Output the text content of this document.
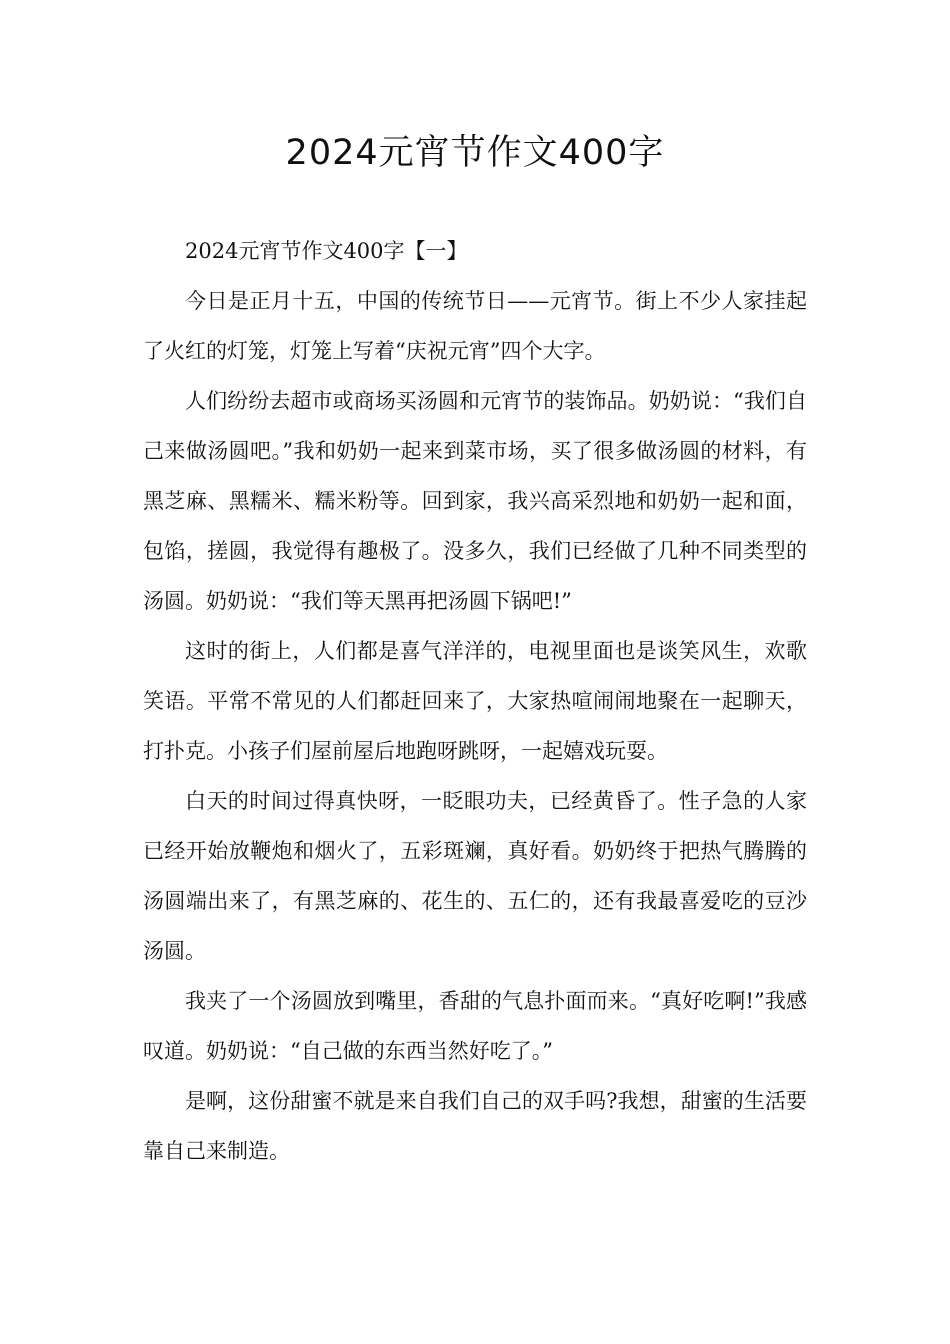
2024元宵节作文400字

2024元宵节作文400字【一】

今日是正月十五，中国的传统节日——元宵节。街上不少人家挂起了火红的灯笼，灯笼上写着“庆祝元宵”四个大字。

人们纷纷去超市或商场买汤圆和元宵节的装饰品。奶奶说：“我们自己来做汤圆吧。”我和奶奶一起来到菜市场，买了很多做汤圆的材料，有黑芝麻、黑糯米、糯米粉等。回到家，我兴高采烈地和奶奶一起和面，包馅，搓圆，我觉得有趣极了。没多久，我们已经做了几种不同类型的汤圆。奶奶说：“我们等天黑再把汤圆下锅吧!”

这时的街上，人们都是喜气洋洋的，电视里面也是谈笑风生，欢歌笑语。平常不常见的人们都赶回来了，大家热喧闹闹地聚在一起聊天，打扑克。小孩子们屋前屋后地跑呀跳呀，一起嬉戏玩耍。

白天的时间过得真快呀，一眨眼功夫，已经黄昏了。性子急的人家已经开始放鞭炮和烟火了，五彩斑斓，真好看。奶奶终于把热气腾腾的汤圆端出来了，有黑芝麻的、花生的、五仁的，还有我最喜爱吃的豆沙汤圆。

我夹了一个汤圆放到嘴里，香甜的气息扑面而来。“真好吃啊!”我感叹道。奶奶说：“自己做的东西当然好吃了。”

是啊，这份甜蜜不就是来自我们自己的双手吗?我想，甜蜜的生活要靠自己来制造。
